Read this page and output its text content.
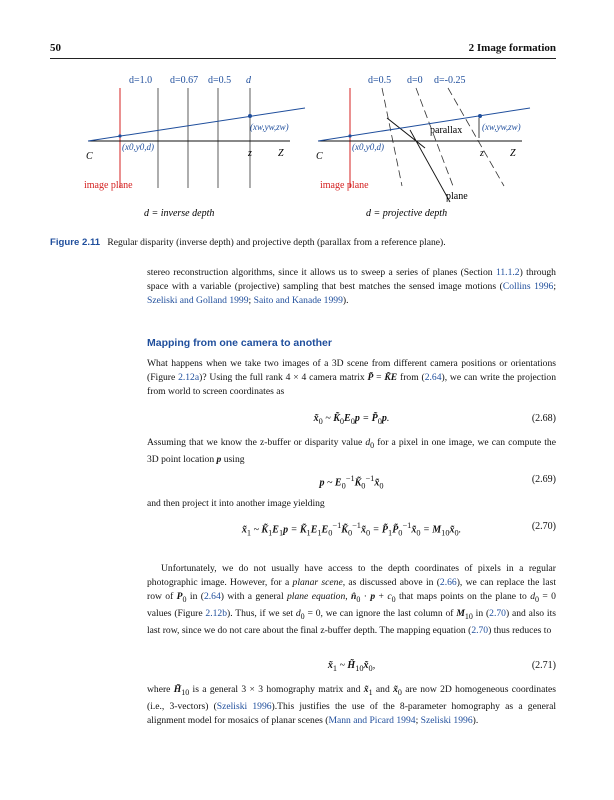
50	2 Image formation
d=1.0 d=0.67 d=0.5 d
(xw,yw,zw)
(x0,y0,d)
C	z	Z
image plane
d = inverse depth
d=0.5 d=0 d=-0.25
parallax (xw,yw,zw)
(x0,y0,d)
C	z	Z
image plane
plane
d = projective depth
Figure 2.11 Regular disparity (inverse depth) and projective depth (parallax from a reference plane).
stereo reconstruction algorithms, since it allows us to sweep a series of planes (Section 11.1.2) through space with a variable (projective) sampling that best matches the sensed image motions (Collins 1996; Szeliski and Golland 1999; Saito and Kanade 1999).
Mapping from one camera to another
What happens when we take two images of a 3D scene from different camera positions or orientations (Figure 2.12a)? Using the full rank 4 × 4 camera matrix P̃ = K̃E from (2.64), we can write the projection from world to screen coordinates as
$x̃_0$ ~ $K̃_0E_0p$ = $P̃_0p$.	(2.68)
Assuming that we know the z-buffer or disparity value $d_0$ for a pixel in one image, we can compute the 3D point location p using
p ~ $E_0^{-1}K̃_0^{-1}x̃_0$
(2.69)
and then project it into another image yielding
$x̃_1$ ~ $K̃_1E_1p$ = $K̃_1E_1E_0^{-1}K̃_0^{-1}x̃_0$ = $P̃_1P̃_0^{-1}x̃_0$ = $M_{10}x̃_0$.	(2.70)
Unfortunately, we do not usually have access to the depth coordinates of pixels in a regular photographic image. However, for a planar scene, as discussed above in (2.66), we can replace the last row of $P_0$ in (2.64) with a general plane equation, $n̂_0 \cdot p + c_0$ that maps points on the plane to $d_0 = 0$ values (Figure 2.12b). Thus, if we set $d_0 = 0$, we can ignore the last column of $M_{10}$ in (2.70) and also its last row, since we do not care about the final z-buffer depth. The mapping equation (2.70) thus reduces to
$x̃_1$ ~ $H̃_{10}x̃_0$,	(2.71)
where $H̃_{10}$ is a general 3 × 3 homography matrix and $x̃_1$ and $x̃_0$ are now 2D homogeneous coordinates (i.e., 3-vectors) (Szeliski 1996).This justifies the use of the 8-parameter homography as a general alignment model for mosaics of planar scenes (Mann and Picard 1994; Szeliski 1996).
